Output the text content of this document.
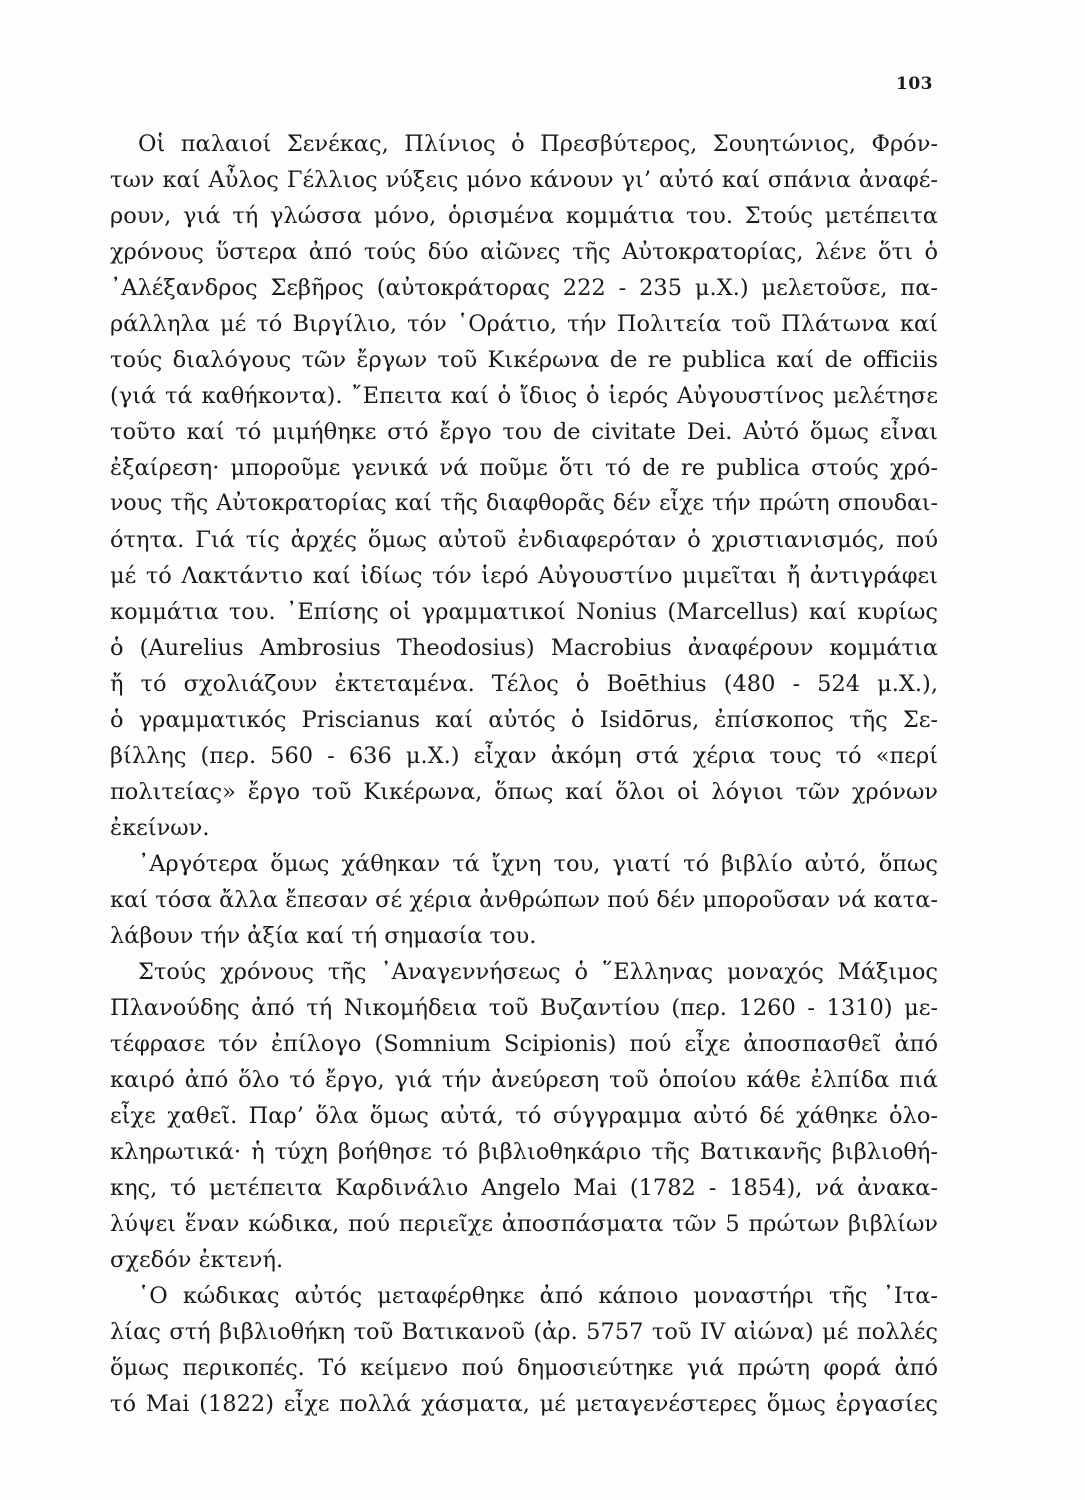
103
Οἱ παλαιοί Σενέκας, Πλίνιος ὁ Πρεσβύτερος, Σουητώνιος, Φρόν-
των καί Αὖλος Γέλλιος νύξεις μόνο κάνουν γι’ αὐτό καί σπάνια ἀναφέ-
ρουν, γιά τή γλώσσα μόνο, ὁρισμένα κομμάτια του. Στούς μετέπειτα
χρόνους ὕστερα ἀπό τούς δύο αἰῶνες τῆς Αὐτοκρατορίας, λένε ὅτι ὁ
᾿Αλέξανδρος Σεβῆρος (αὐτοκράτορας 222 - 235 μ.Χ.) μελετοῦσε, πα-
ράλληλα μέ τό Βιργίλιο, τόν ῾Οράτιο, τήν Πολιτεία τοῦ Πλάτωνα καί
τούς διαλόγους τῶν ἔργων τοῦ Κικέρωνα de re publica καί de officiis
(γιά τά καθήκοντα). ῎Επειτα καί ὁ ἴδιος ὁ ἱερός Αὐγουστίνος μελέτησε
τοῦτο καί τό μιμήθηκε στό ἔργο του de civitate Dei. Αὐτό ὅμως εἶναι
ἐξαίρεση· μποροῦμε γενικά νά ποῦμε ὅτι τό de re publica στούς χρό-
νους τῆς Αὐτοκρατορίας καί τῆς διαφθορᾶς δέν εἶχε τήν πρώτη σπουδαι-
ότητα. Γιά τίς ἀρχές ὅμως αὐτοῦ ἐνδιαφερόταν ὁ χριστιανισμός, πού
μέ τό Λακτάντιο καί ἰδίως τόν ἱερό Αὐγουστίνο μιμεῖται ἤ ἀντιγράφει
κομμάτια του. ᾿Επίσης οἱ γραμματικοί Nonius (Marcellus) καί κυρίως
ὁ (Aurelius Ambrosius Theodosius) Macrobius ἀναφέρουν κομμάτια
ἤ τό σχολιάζουν ἐκτεταμένα. Τέλος ὁ Boēthius (480 - 524 μ.Χ.),
ὁ γραμματικός Priscianus καί αὐτός ὁ Isidōrus, ἐπίσκοπος τῆς Σε-
βίλλης (περ. 560 - 636 μ.Χ.) εἶχαν ἀκόμη στά χέρια τους τό «περί
πολιτείας» ἔργο τοῦ Κικέρωνα, ὅπως καί ὅλοι οἱ λόγιοι τῶν χρόνων
ἐκείνων.
᾿Αργότερα ὅμως χάθηκαν τά ἴχνη του, γιατί τό βιβλίο αὐτό, ὅπως
καί τόσα ἄλλα ἔπεσαν σέ χέρια ἀνθρώπων πού δέν μποροῦσαν νά κατα-
λάβουν τήν ἀξία καί τή σημασία του.
Στούς χρόνους τῆς ᾿Αναγεννήσεως ὁ ῞Ελληνας μοναχός Μάξιμος
Πλανούδης ἀπό τή Νικομήδεια τοῦ Βυζαντίου (περ. 1260 - 1310) με-
τέφρασε τόν ἐπίλογο (Somnium Scipionis) πού εἶχε ἀποσπασθεῖ ἀπό
καιρό ἀπό ὅλο τό ἔργο, γιά τήν ἀνεύρεση τοῦ ὁποίου κάθε ἐλπίδα πιά
εἶχε χαθεῖ. Παρ’ ὅλα ὅμως αὐτά, τό σύγγραμμα αὐτό δέ χάθηκε ὁλο-
κληρωτικά· ἡ τύχη βοήθησε τό βιβλιοθηκάριο τῆς Βατικανῆς βιβλιοθή-
κης, τό μετέπειτα Καρδινάλιο Angelo Mai (1782 - 1854), νά ἀνακα-
λύψει ἕναν κώδικα, πού περιεῖχε ἀποσπάσματα τῶν 5 πρώτων βιβλίων
σχεδόν ἐκτενή.
῾Ο κώδικας αὐτός μεταφέρθηκε ἀπό κάποιο μοναστήρι τῆς ᾿Ιτα-
λίας στή βιβλιοθήκη τοῦ Βατικανοῦ (ἀρ. 5757 τοῦ IV αἰώνα) μέ πολλές
ὅμως περικοπές. Τό κείμενο πού δημοσιεύτηκε γιά πρώτη φορά ἀπό
τό Mai (1822) εἶχε πολλά χάσματα, μέ μεταγενέστερες ὅμως ἐργασίες
